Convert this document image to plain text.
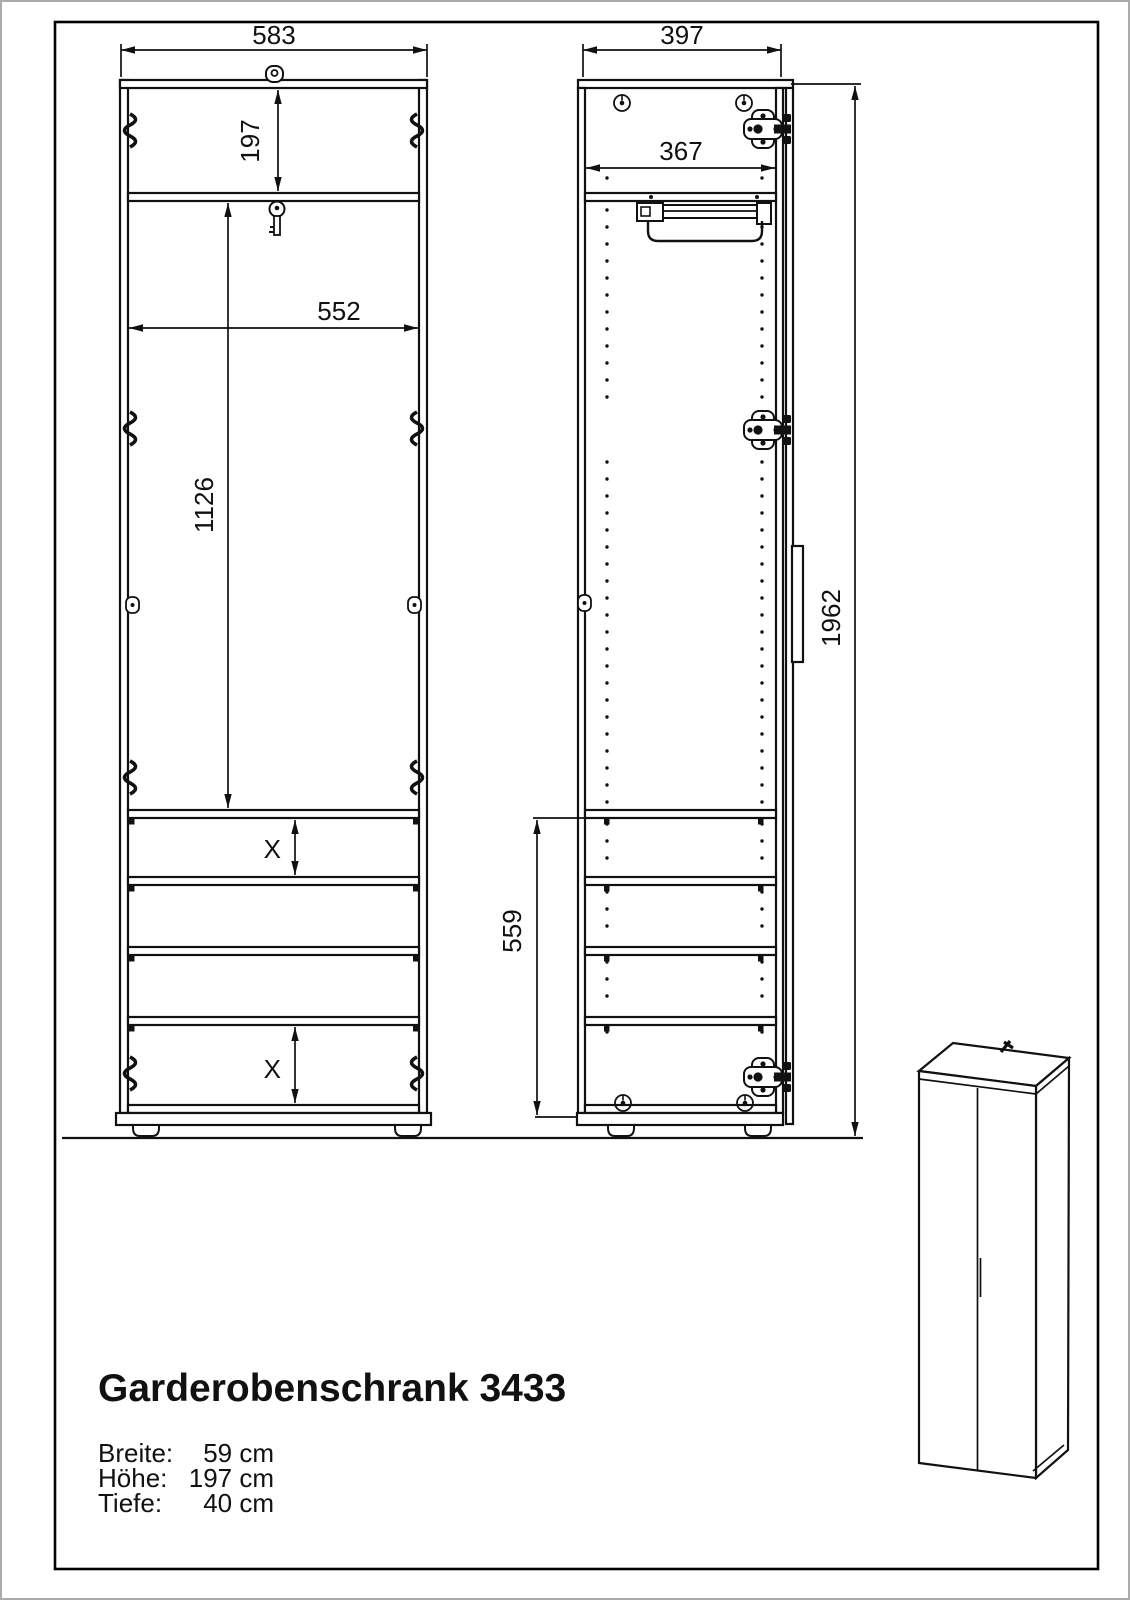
583
197
552
1126
X
X
397
367
559
1962
Garderobenschrank 3433
Breite: 59 cm
Höhe: 197 cm
Tiefe: 40 cm
